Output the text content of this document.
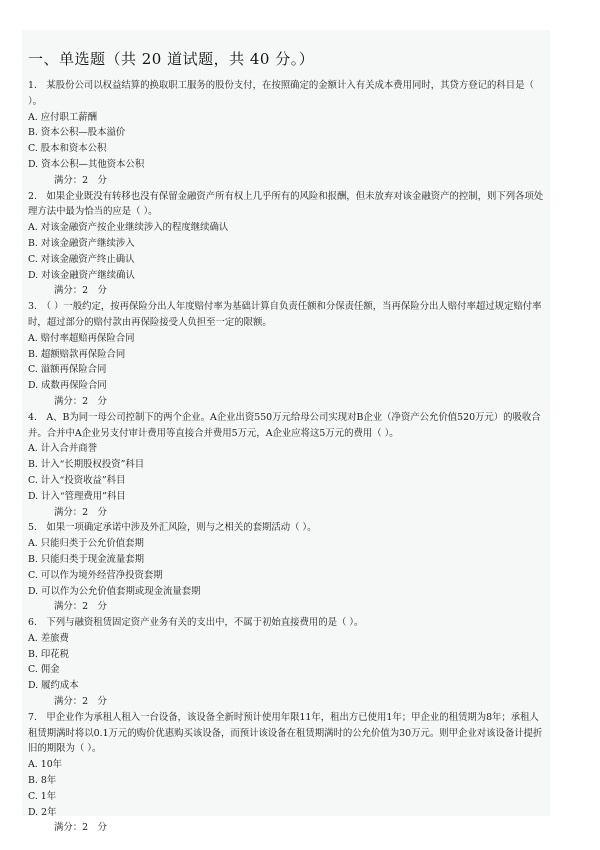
一、单选题（共 20 道试题，共 40 分。）

1.　某股份公司以权益结算的换取职工服务的股份支付，在按照确定的金额计入有关成本费用同时，其贷方登记的科目是（ ）。

A. 应付职工薪酬

B. 资本公积—股本溢价

C. 股本和资本公积

D. 资本公积—其他资本公积

满分：2　分

2.　如果企业既没有转移也没有保留金融资产所有权上几乎所有的风险和报酬，但未放弃对该金融资产的控制，则下列各项处理方法中最为恰当的应是（ ）。

A. 对该金融资产按企业继续涉入的程度继续确认

B. 对该金融资产继续涉入

C. 对该金融资产终止确认

D. 对该金融资产继续确认

满分：2　分

3.　（ ）一般约定，按再保险分出人年度赔付率为基础计算自负责任额和分保责任额，当再保险分出人赔付率超过规定赔付率时，超过部分的赔付款由再保险接受人负担至一定的限额。

A. 赔付率超赔再保险合同

B. 超额赔款再保险合同

C. 溢额再保险合同

D. 成数再保险合同

满分：2　分

4.　A、B为同一母公司控制下的两个企业。A企业出资550万元给母公司实现对B企业（净资产公允价值520万元）的吸收合并。合并中A企业另支付审计费用等直接合并费用5万元，A企业应将这5万元的费用（ ）。

A. 计入合并商誉

B. 计入“长期股权投资”科目

C. 计入“投资收益”科目

D. 计入“管理费用”科目

满分：2　分

5.　如果一项确定承诺中涉及外汇风险，则与之相关的套期活动（ ）。

A. 只能归类于公允价值套期

B. 只能归类于现金流量套期

C. 可以作为境外经营净投资套期

D. 可以作为公允价值套期或现金流量套期

满分：2　分

6.　下列与融资租赁固定资产业务有关的支出中，不属于初始直接费用的是（ ）。

A. 差旅费

B. 印花税

C. 佣金

D. 履约成本

满分：2　分

7.　甲企业作为承租人租入一台设备，该设备全新时预计使用年限11年，租出方已使用1年；甲企业的租赁期为8年；承租人租赁期满时将以0.1万元的购价优惠购买该设备，而预计该设备在租赁期满时的公允价值为30万元。则甲企业对该设备计提折旧的期限为（ ）。

A. 10年

B. 8年

C. 1年

D. 2年

满分：2　分
